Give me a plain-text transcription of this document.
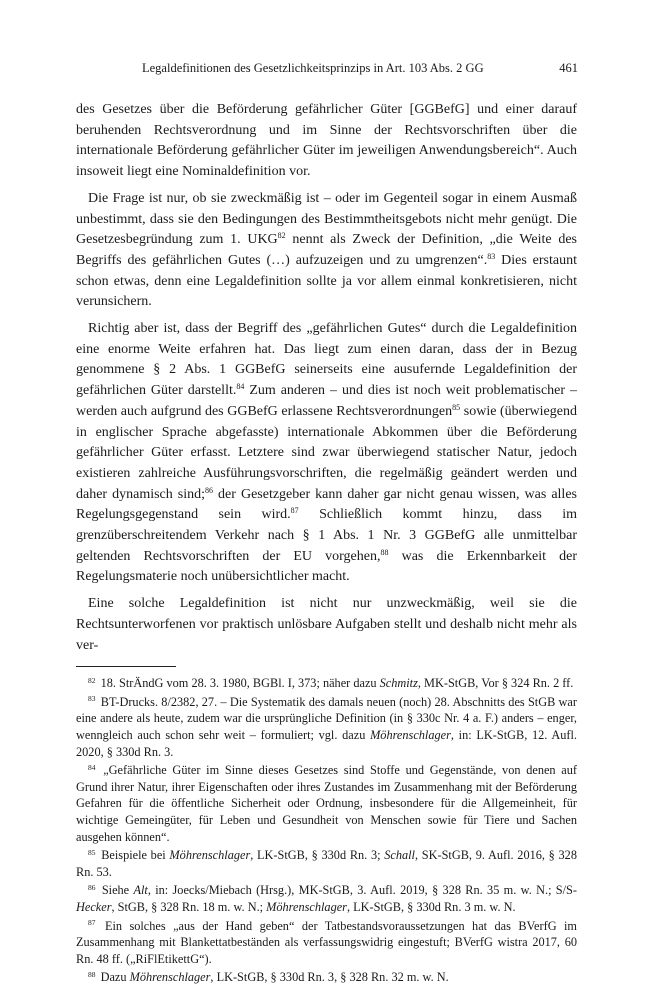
Legaldefinitionen des Gesetzlichkeitsprinzips in Art. 103 Abs. 2 GG	461

des Gesetzes über die Beförderung gefährlicher Güter [GGBefG] und einer darauf beruhenden Rechtsverordnung und im Sinne der Rechtsvorschriften über die internationale Beförderung gefährlicher Güter im jeweiligen Anwendungsbereich“. Auch insoweit liegt eine Nominaldefinition vor.

Die Frage ist nur, ob sie zweckmäßig ist – oder im Gegenteil sogar in einem Ausmaß unbestimmt, dass sie den Bedingungen des Bestimmtheitsgebots nicht mehr genügt. Die Gesetzesbegründung zum 1. UKG$^{82}$ nennt als Zweck der Definition, „die Weite des Begriffs des gefährlichen Gutes (…) aufzuzeigen und zu umgrenzen“.$^{83}$ Dies erstaunt schon etwas, denn eine Legaldefinition sollte ja vor allem einmal konkretisieren, nicht verunsichern.

Richtig aber ist, dass der Begriff des „gefährlichen Gutes“ durch die Legaldefinition eine enorme Weite erfahren hat. Das liegt zum einen daran, dass der in Bezug genommene § 2 Abs. 1 GGBefG seinerseits eine ausufernde Legaldefinition der gefährlichen Güter darstellt.$^{84}$ Zum anderen – und dies ist noch weit problematischer – werden auch aufgrund des GGBefG erlassene Rechtsverordnungen$^{85}$ sowie (überwiegend in englischer Sprache abgefasste) internationale Abkommen über die Beförderung gefährlicher Güter erfasst. Letztere sind zwar überwiegend statischer Natur, jedoch existieren zahlreiche Ausführungsvorschriften, die regelmäßig geändert werden und daher dynamisch sind;$^{86}$ der Gesetzgeber kann daher gar nicht genau wissen, was alles Regelungsgegenstand sein wird.$^{87}$ Schließlich kommt hinzu, dass im grenzüberschreitendem Verkehr nach § 1 Abs. 1 Nr. 3 GGBefG alle unmittelbar geltenden Rechtsvorschriften der EU vorgehen,$^{88}$ was die Erkennbarkeit der Regelungsmaterie noch unübersichtlicher macht.

Eine solche Legaldefinition ist nicht nur unzweckmäßig, weil sie die Rechtsunterworfenen vor praktisch unlösbare Aufgaben stellt und deshalb nicht mehr als ver-

$^{82}$ 18. StrÄndG vom 28. 3. 1980, BGBl. I, 373; näher dazu Schmitz, MK-StGB, Vor § 324 Rn. 2 ff.

$^{83}$ BT-Drucks. 8/2382, 27. – Die Systematik des damals neuen (noch) 28. Abschnitts des StGB war eine andere als heute, zudem war die ursprüngliche Definition (in § 330c Nr. 4 a. F.) anders – enger, wenngleich auch schon sehr weit – formuliert; vgl. dazu Möhrenschlager, in: LK-StGB, 12. Aufl. 2020, § 330d Rn. 3.

$^{84}$ „Gefährliche Güter im Sinne dieses Gesetzes sind Stoffe und Gegenstände, von denen auf Grund ihrer Natur, ihrer Eigenschaften oder ihres Zustandes im Zusammenhang mit der Beförderung Gefahren für die öffentliche Sicherheit oder Ordnung, insbesondere für die Allgemeinheit, für wichtige Gemeingüter, für Leben und Gesundheit von Menschen sowie für Tiere und Sachen ausgehen können“.

$^{85}$ Beispiele bei Möhrenschlager, LK-StGB, § 330d Rn. 3; Schall, SK-StGB, 9. Aufl. 2016, § 328 Rn. 53.

$^{86}$ Siehe Alt, in: Joecks/Miebach (Hrsg.), MK-StGB, 3. Aufl. 2019, § 328 Rn. 35 m. w. N.; S/S-Hecker, StGB, § 328 Rn. 18 m. w. N.; Möhrenschlager, LK-StGB, § 330d Rn. 3 m. w. N.

$^{87}$ Ein solches „aus der Hand geben“ der Tatbestandsvoraussetzungen hat das BVerfG im Zusammenhang mit Blankettatbeständen als verfassungswidrig eingestuft; BVerfG wistra 2017, 60 Rn. 48 ff. („RiFlEtikettG“).

$^{88}$ Dazu Möhrenschlager, LK-StGB, § 330d Rn. 3, § 328 Rn. 32 m. w. N.
